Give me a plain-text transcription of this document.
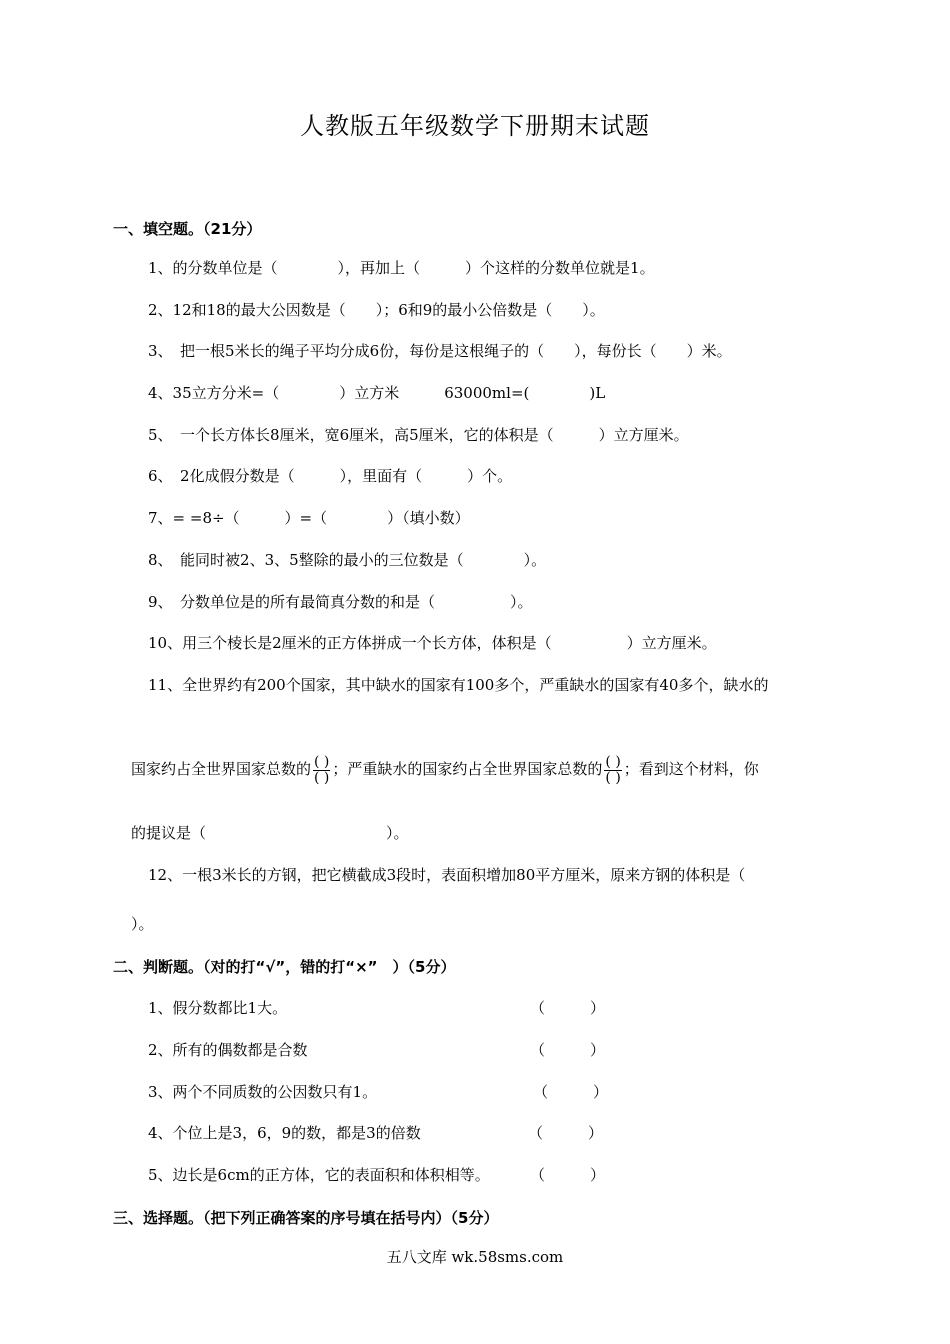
人教版五年级数学下册期末试题
一、填空题。（21分）
1、的分数单位是（　　　　），再加上（　　　）个这样的分数单位就是1。
2、12和18的最大公因数是（　　）；6和9的最小公倍数是（　　）。
3、　把一根5米长的绳子平均分成6份，每份是这根绳子的（　　），每份长（　　）米。
4、35立方分米=（　　　　）立方米　　　63000ml=(　　　　)L
5、　一个长方体长8厘米，宽6厘米，高5厘米，它的体积是（　　　）立方厘米。
6、　2化成假分数是（　　　），里面有（　　　）个。
7、= =8÷（　　　）=（　　　　）（填小数）
8、　能同时被2、3、5整除的最小的三位数是（　　　　）。
9、　分数单位是的所有最简真分数的和是（　　　　　）。
10、用三个棱长是2厘米的正方体拼成一个长方体，体积是（　　　　　）立方厘米。
11、全世界约有200个国家，其中缺水的国家有100多个，严重缺水的国家有40多个，缺水的
国家约占全世界国家总数的 $\frac{( )}{( )}$ ；严重缺水的国家约占全世界国家总数的 $\frac{( )}{( )}$ ；看到这个材料，你
的提议是（　　　　　　　　　　　　）。
12、一根3米长的方钢，把它横截成3段时，表面积增加80平方厘米，原来方钢的体积是（
）。
二、判断题。（对的打“√”，错的打“×”　）（5分）
1、假分数都比1大。	（　　　）
2、所有的偶数都是合数	（　　　）
3、两个不同质数的公因数只有1。	（　　　）
4、个位上是3，6，9的数，都是3的倍数	（　　　）
5、边长是6cm的正方体，它的表面积和体积相等。	（　　　）
三、选择题。（把下列正确答案的序号填在括号内）（5分）
五八文库 wk.58sms.com
